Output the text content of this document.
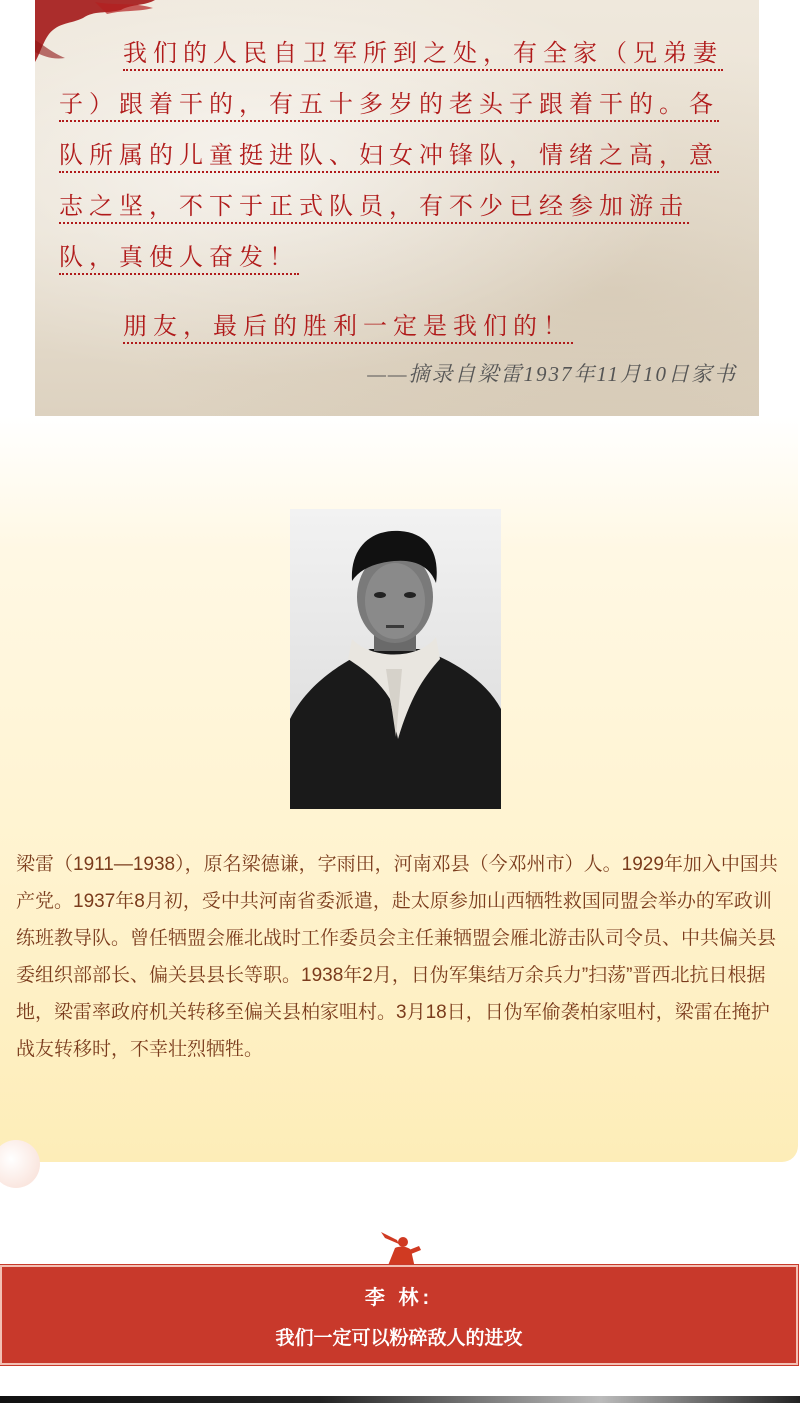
我们的人民自卫军所到之处，有全家（兄弟妻
子）跟着干的，有五十多岁的老头子跟着干的。各
队所属的儿童挺进队、妇女冲锋队，情绪之高，意
志之坚，不下于正式队员，有不少已经参加游击
队，真使人奋发！
朋友，最后的胜利一定是我们的！
——摘录自梁雷1937年11月10日家书
梁雷（1911—1938），原名梁德谦，字雨田，河南邓县（今邓州市）人。1929年加入中国共产党。1937年8月初，受中共河南省委派遣，赴太原参加山西牺牲救国同盟会举办的军政训练班教导队。曾任牺盟会雁北战时工作委员会主任兼牺盟会雁北游击队司令员、中共偏关县委组织部部长、偏关县县长等职。1938年2月，日伪军集结万余兵力”扫荡”晋西北抗日根据地，梁雷率政府机关转移至偏关县柏家咀村。3月18日，日伪军偷袭柏家咀村，梁雷在掩护战友转移时，不幸壮烈牺牲。
李 林:
我们一定可以粉碎敌人的进攻
